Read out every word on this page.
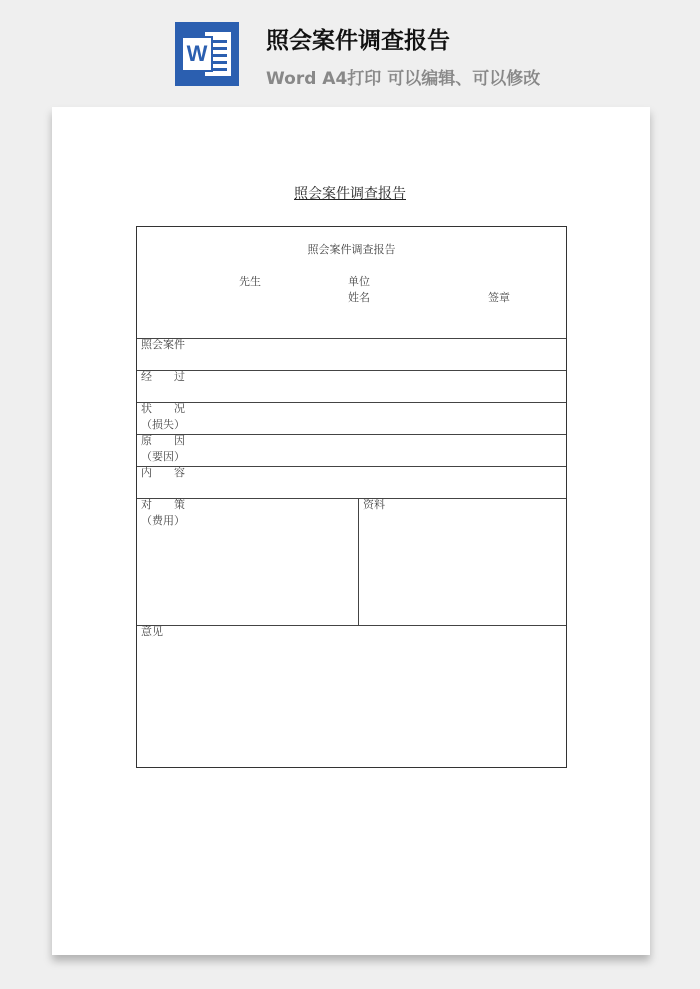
W	照会案件调查报告
Word A4打印 可以编辑、可以修改
照会案件调查报告
照会案件调查报告
先生	单位
姓名	签章
照会案件
经　　过
状　　况
（损失）
原　　因
（要因）
内　　容
对　　策
（费用）
资料
意见
